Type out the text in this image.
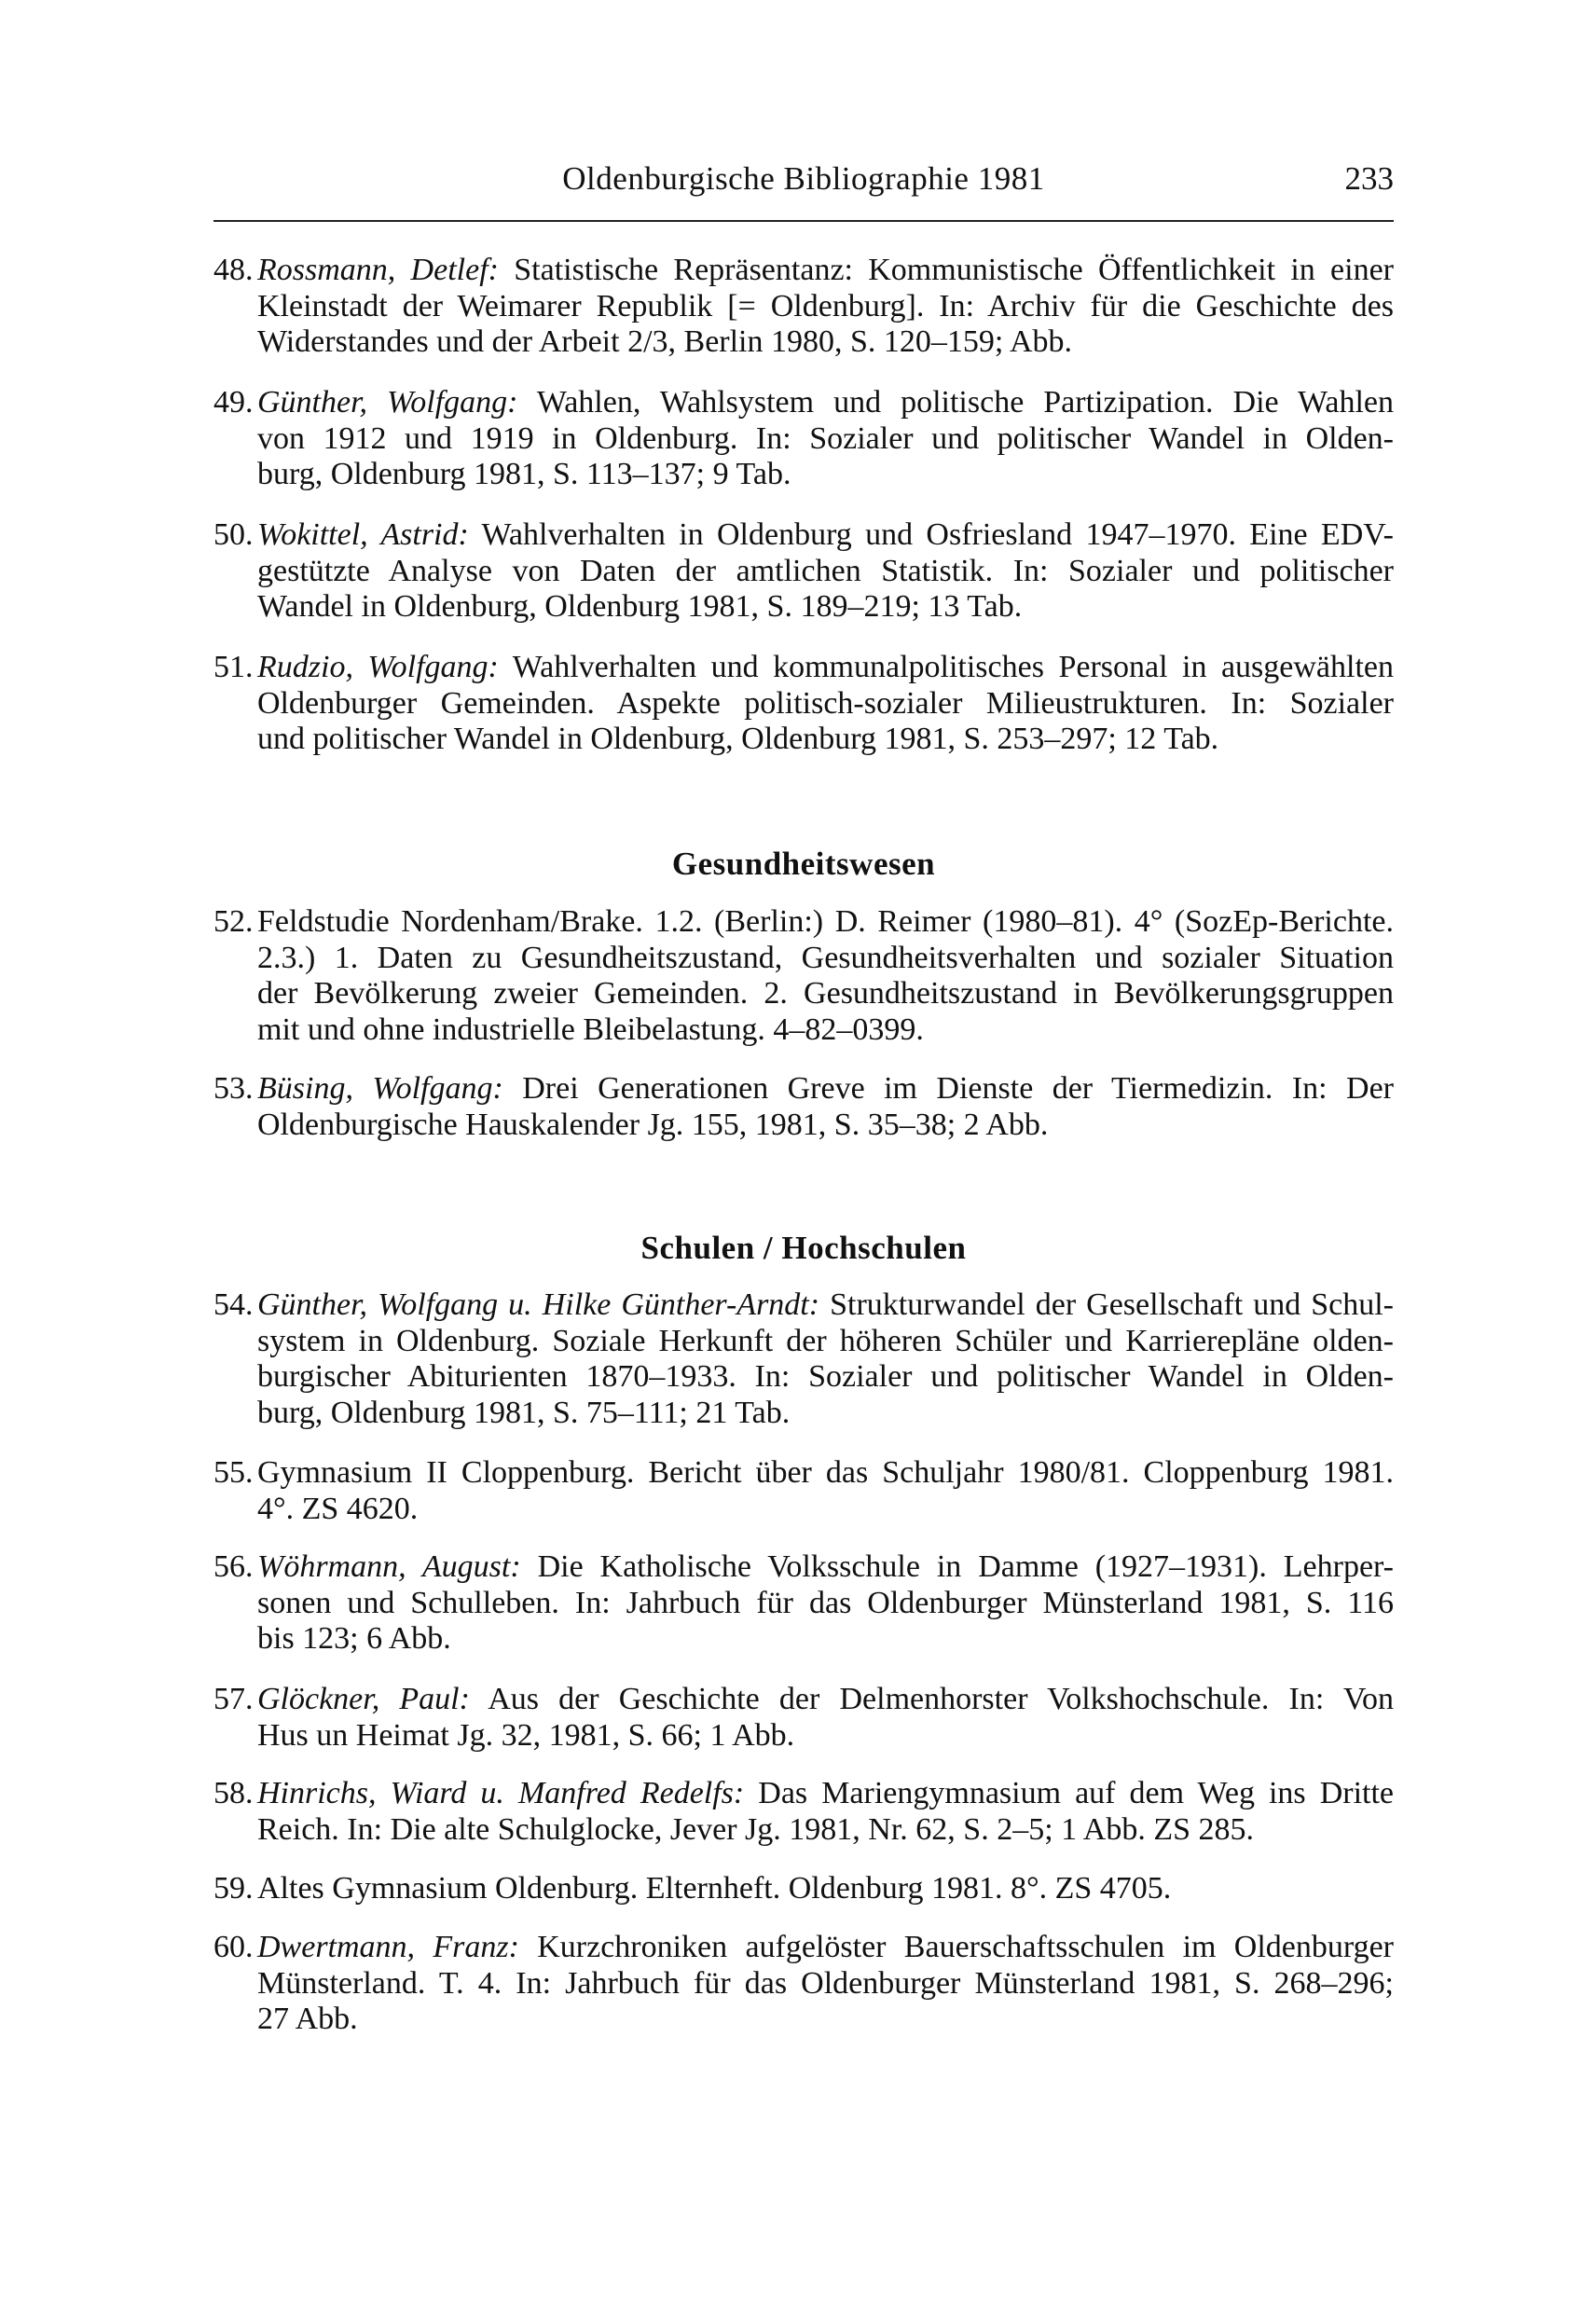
Oldenburgische Bibliographie 1981	233
48. Rossmann, Detlef: Statistische Repräsentanz: Kommunistische Öffentlichkeit in einer
Kleinstadt der Weimarer Republik [= Oldenburg]. In: Archiv für die Geschichte des
Widerstandes und der Arbeit 2/3, Berlin 1980, S. 120–159; Abb.
49. Günther, Wolfgang: Wahlen, Wahlsystem und politische Partizipation. Die Wahlen
von 1912 und 1919 in Oldenburg. In: Sozialer und politischer Wandel in Olden-
burg, Oldenburg 1981, S. 113–137; 9 Tab.
50. Wokittel, Astrid: Wahlverhalten in Oldenburg und Osfriesland 1947–1970. Eine EDV-
gestützte Analyse von Daten der amtlichen Statistik. In: Sozialer und politischer
Wandel in Oldenburg, Oldenburg 1981, S. 189–219; 13 Tab.
51. Rudzio, Wolfgang: Wahlverhalten und kommunalpolitisches Personal in ausgewählten
Oldenburger Gemeinden. Aspekte politisch-sozialer Milieustrukturen. In: Sozialer
und politischer Wandel in Oldenburg, Oldenburg 1981, S. 253–297; 12 Tab.
Gesundheitswesen
52. Feldstudie Nordenham/Brake. 1.2. (Berlin:) D. Reimer (1980–81). 4° (SozEp-Berichte.
2.3.) 1. Daten zu Gesundheitszustand, Gesundheitsverhalten und sozialer Situation
der Bevölkerung zweier Gemeinden. 2. Gesundheitszustand in Bevölkerungsgruppen
mit und ohne industrielle Bleibelastung. 4–82–0399.
53. Büsing, Wolfgang: Drei Generationen Greve im Dienste der Tiermedizin. In: Der
Oldenburgische Hauskalender Jg. 155, 1981, S. 35–38; 2 Abb.
Schulen / Hochschulen
54. Günther, Wolfgang u. Hilke Günther-Arndt: Strukturwandel der Gesellschaft und Schul-
system in Oldenburg. Soziale Herkunft der höheren Schüler und Karrierepläne olden-
burgischer Abiturienten 1870–1933. In: Sozialer und politischer Wandel in Olden-
burg, Oldenburg 1981, S. 75–111; 21 Tab.
55. Gymnasium II Cloppenburg. Bericht über das Schuljahr 1980/81. Cloppenburg 1981.
4°. ZS 4620.
56. Wöhrmann, August: Die Katholische Volksschule in Damme (1927–1931). Lehrper-
sonen und Schulleben. In: Jahrbuch für das Oldenburger Münsterland 1981, S. 116
bis 123; 6 Abb.
57. Glöckner, Paul: Aus der Geschichte der Delmenhorster Volkshochschule. In: Von
Hus un Heimat Jg. 32, 1981, S. 66; 1 Abb.
58. Hinrichs, Wiard u. Manfred Redelfs: Das Mariengymnasium auf dem Weg ins Dritte
Reich. In: Die alte Schulglocke, Jever Jg. 1981, Nr. 62, S. 2–5; 1 Abb. ZS 285.
59. Altes Gymnasium Oldenburg. Elternheft. Oldenburg 1981. 8°. ZS 4705.
60. Dwertmann, Franz: Kurzchroniken aufgelöster Bauerschaftsschulen im Oldenburger
Münsterland. T. 4. In: Jahrbuch für das Oldenburger Münsterland 1981, S. 268–296;
27 Abb.
